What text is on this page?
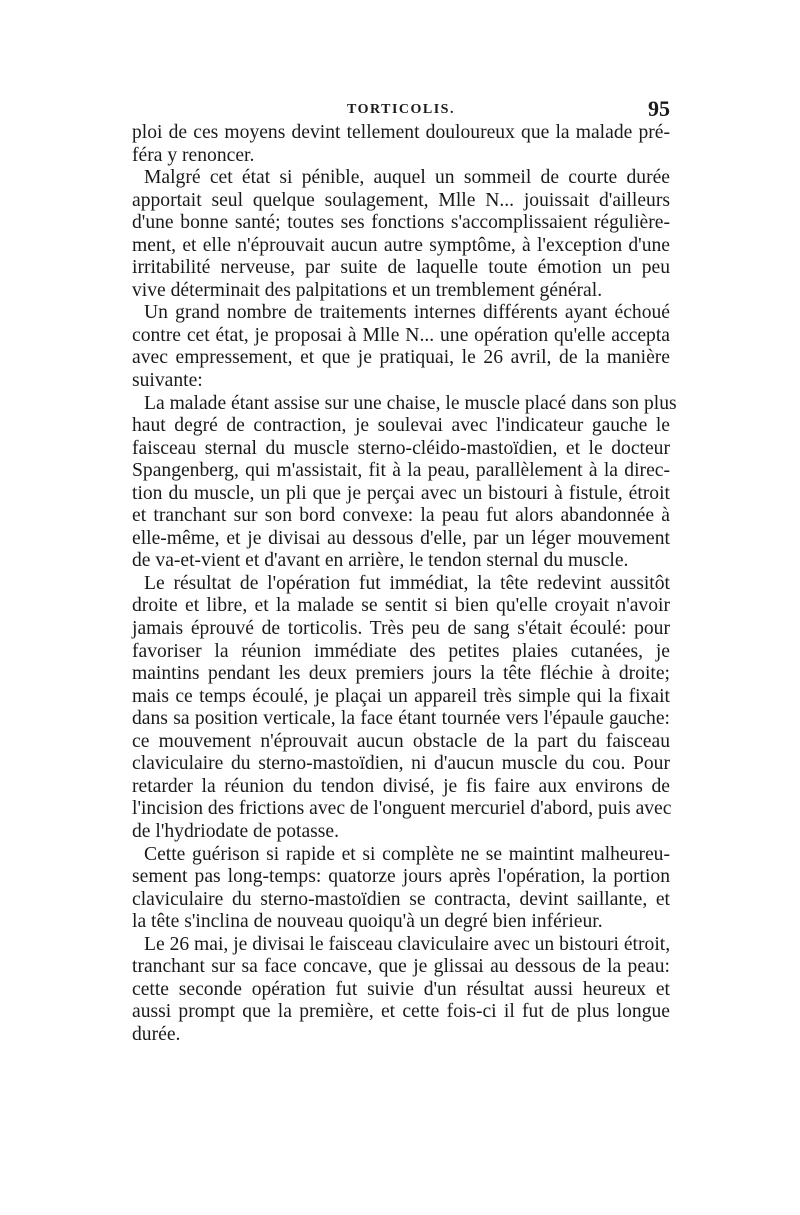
TORTICOLIS.	95

ploi de ces moyens devint tellement douloureux que la malade pré-
féra y renoncer.

Malgré cet état si pénible, auquel un sommeil de courte durée
apportait seul quelque soulagement, Mlle N... jouissait d'ailleurs
d'une bonne santé; toutes ses fonctions s'accomplissaient régulière-
ment, et elle n'éprouvait aucun autre symptôme, à l'exception d'une
irritabilité nerveuse, par suite de laquelle toute émotion un peu
vive déterminait des palpitations et un tremblement général.

Un grand nombre de traitements internes différents ayant échoué
contre cet état, je proposai à Mlle N... une opération qu'elle accepta
avec empressement, et que je pratiquai, le 26 avril, de la manière
suivante:

La malade étant assise sur une chaise, le muscle placé dans son plus
haut degré de contraction, je soulevai avec l'indicateur gauche le
faisceau sternal du muscle sterno-cléido-mastoïdien, et le docteur
Spangenberg, qui m'assistait, fit à la peau, parallèlement à la direc-
tion du muscle, un pli que je perçai avec un bistouri à fistule, étroit
et tranchant sur son bord convexe: la peau fut alors abandonnée à
elle-même, et je divisai au dessous d'elle, par un léger mouvement
de va-et-vient et d'avant en arrière, le tendon sternal du muscle.

Le résultat de l'opération fut immédiat, la tête redevint aussitôt
droite et libre, et la malade se sentit si bien qu'elle croyait n'avoir
jamais éprouvé de torticolis. Très peu de sang s'était écoulé: pour
favoriser la réunion immédiate des petites plaies cutanées, je
maintins pendant les deux premiers jours la tête fléchie à droite;
mais ce temps écoulé, je plaçai un appareil très simple qui la fixait
dans sa position verticale, la face étant tournée vers l'épaule gauche:
ce mouvement n'éprouvait aucun obstacle de la part du faisceau
claviculaire du sterno-mastoïdien, ni d'aucun muscle du cou. Pour
retarder la réunion du tendon divisé, je fis faire aux environs de
l'incision des frictions avec de l'onguent mercuriel d'abord, puis avec
de l'hydriodate de potasse.

Cette guérison si rapide et si complète ne se maintint malheureu-
sement pas long-temps: quatorze jours après l'opération, la portion
claviculaire du sterno-mastoïdien se contracta, devint saillante, et
la tête s'inclina de nouveau quoiqu'à un degré bien inférieur.

Le 26 mai, je divisai le faisceau claviculaire avec un bistouri étroit,
tranchant sur sa face concave, que je glissai au dessous de la peau:
cette seconde opération fut suivie d'un résultat aussi heureux et
aussi prompt que la première, et cette fois-ci il fut de plus longue
durée.
